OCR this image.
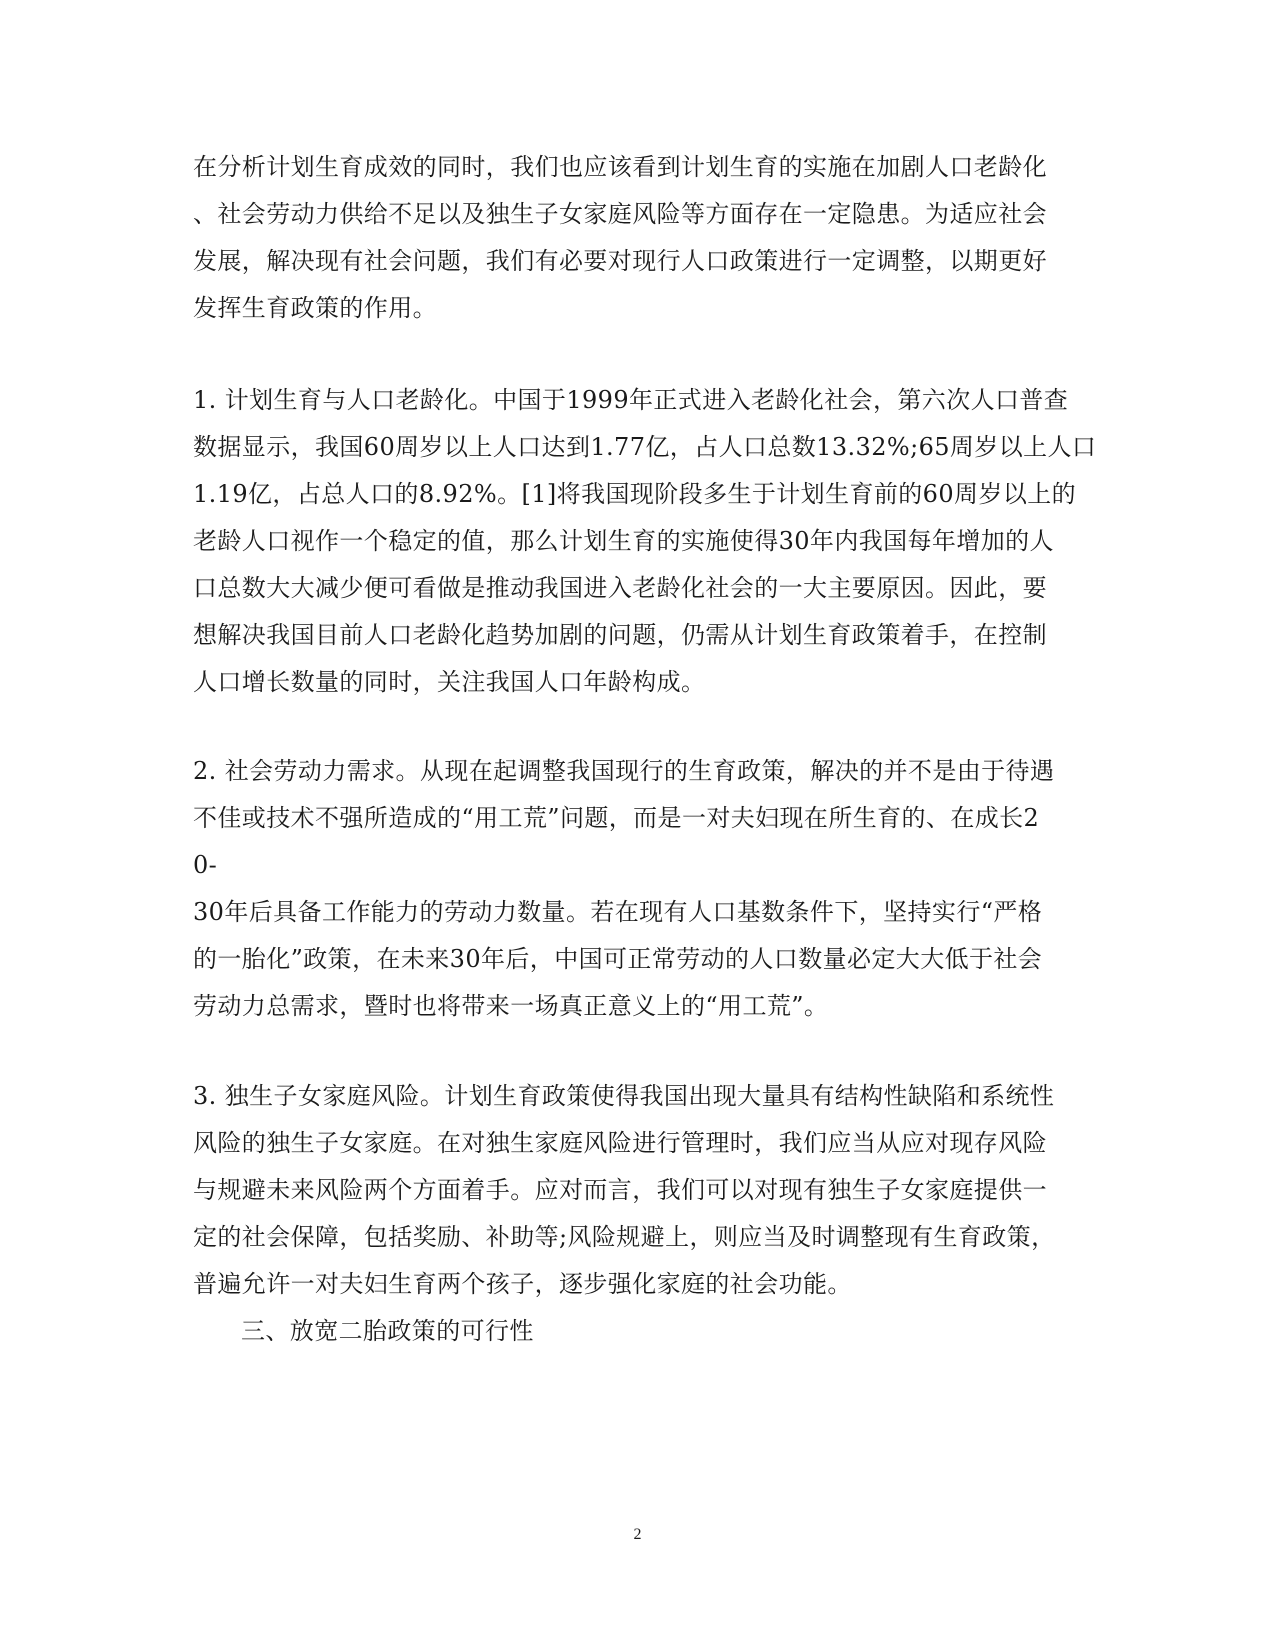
在分析计划生育成效的同时，我们也应该看到计划生育的实施在加剧人口老龄化
、社会劳动力供给不足以及独生子女家庭风险等方面存在一定隐患。为适应社会
发展，解决现有社会问题，我们有必要对现行人口政策进行一定调整，以期更好
发挥生育政策的作用。
1. 计划生育与人口老龄化。中国于1999年正式进入老龄化社会，第六次人口普查
数据显示，我国60周岁以上人口达到1.77亿，占人口总数13.32%;65周岁以上人口
1.19亿，占总人口的8.92%。[1]将我国现阶段多生于计划生育前的60周岁以上的
老龄人口视作一个稳定的值，那么计划生育的实施使得30年内我国每年增加的人
口总数大大减少便可看做是推动我国进入老龄化社会的一大主要原因。因此，要
想解决我国目前人口老龄化趋势加剧的问题，仍需从计划生育政策着手，在控制
人口增长数量的同时，关注我国人口年龄构成。
2. 社会劳动力需求。从现在起调整我国现行的生育政策，解决的并不是由于待遇
不佳或技术不强所造成的“用工荒”问题，而是一对夫妇现在所生育的、在成长2
0-
30年后具备工作能力的劳动力数量。若在现有人口基数条件下，坚持实行“严格
的一胎化”政策，在未来30年后，中国可正常劳动的人口数量必定大大低于社会
劳动力总需求，暨时也将带来一场真正意义上的“用工荒”。
3. 独生子女家庭风险。计划生育政策使得我国出现大量具有结构性缺陷和系统性
风险的独生子女家庭。在对独生家庭风险进行管理时，我们应当从应对现存风险
与规避未来风险两个方面着手。应对而言，我们可以对现有独生子女家庭提供一
定的社会保障，包括奖励、补助等;风险规避上，则应当及时调整现有生育政策，
普遍允许一对夫妇生育两个孩子，逐步强化家庭的社会功能。
三、放宽二胎政策的可行性
2
